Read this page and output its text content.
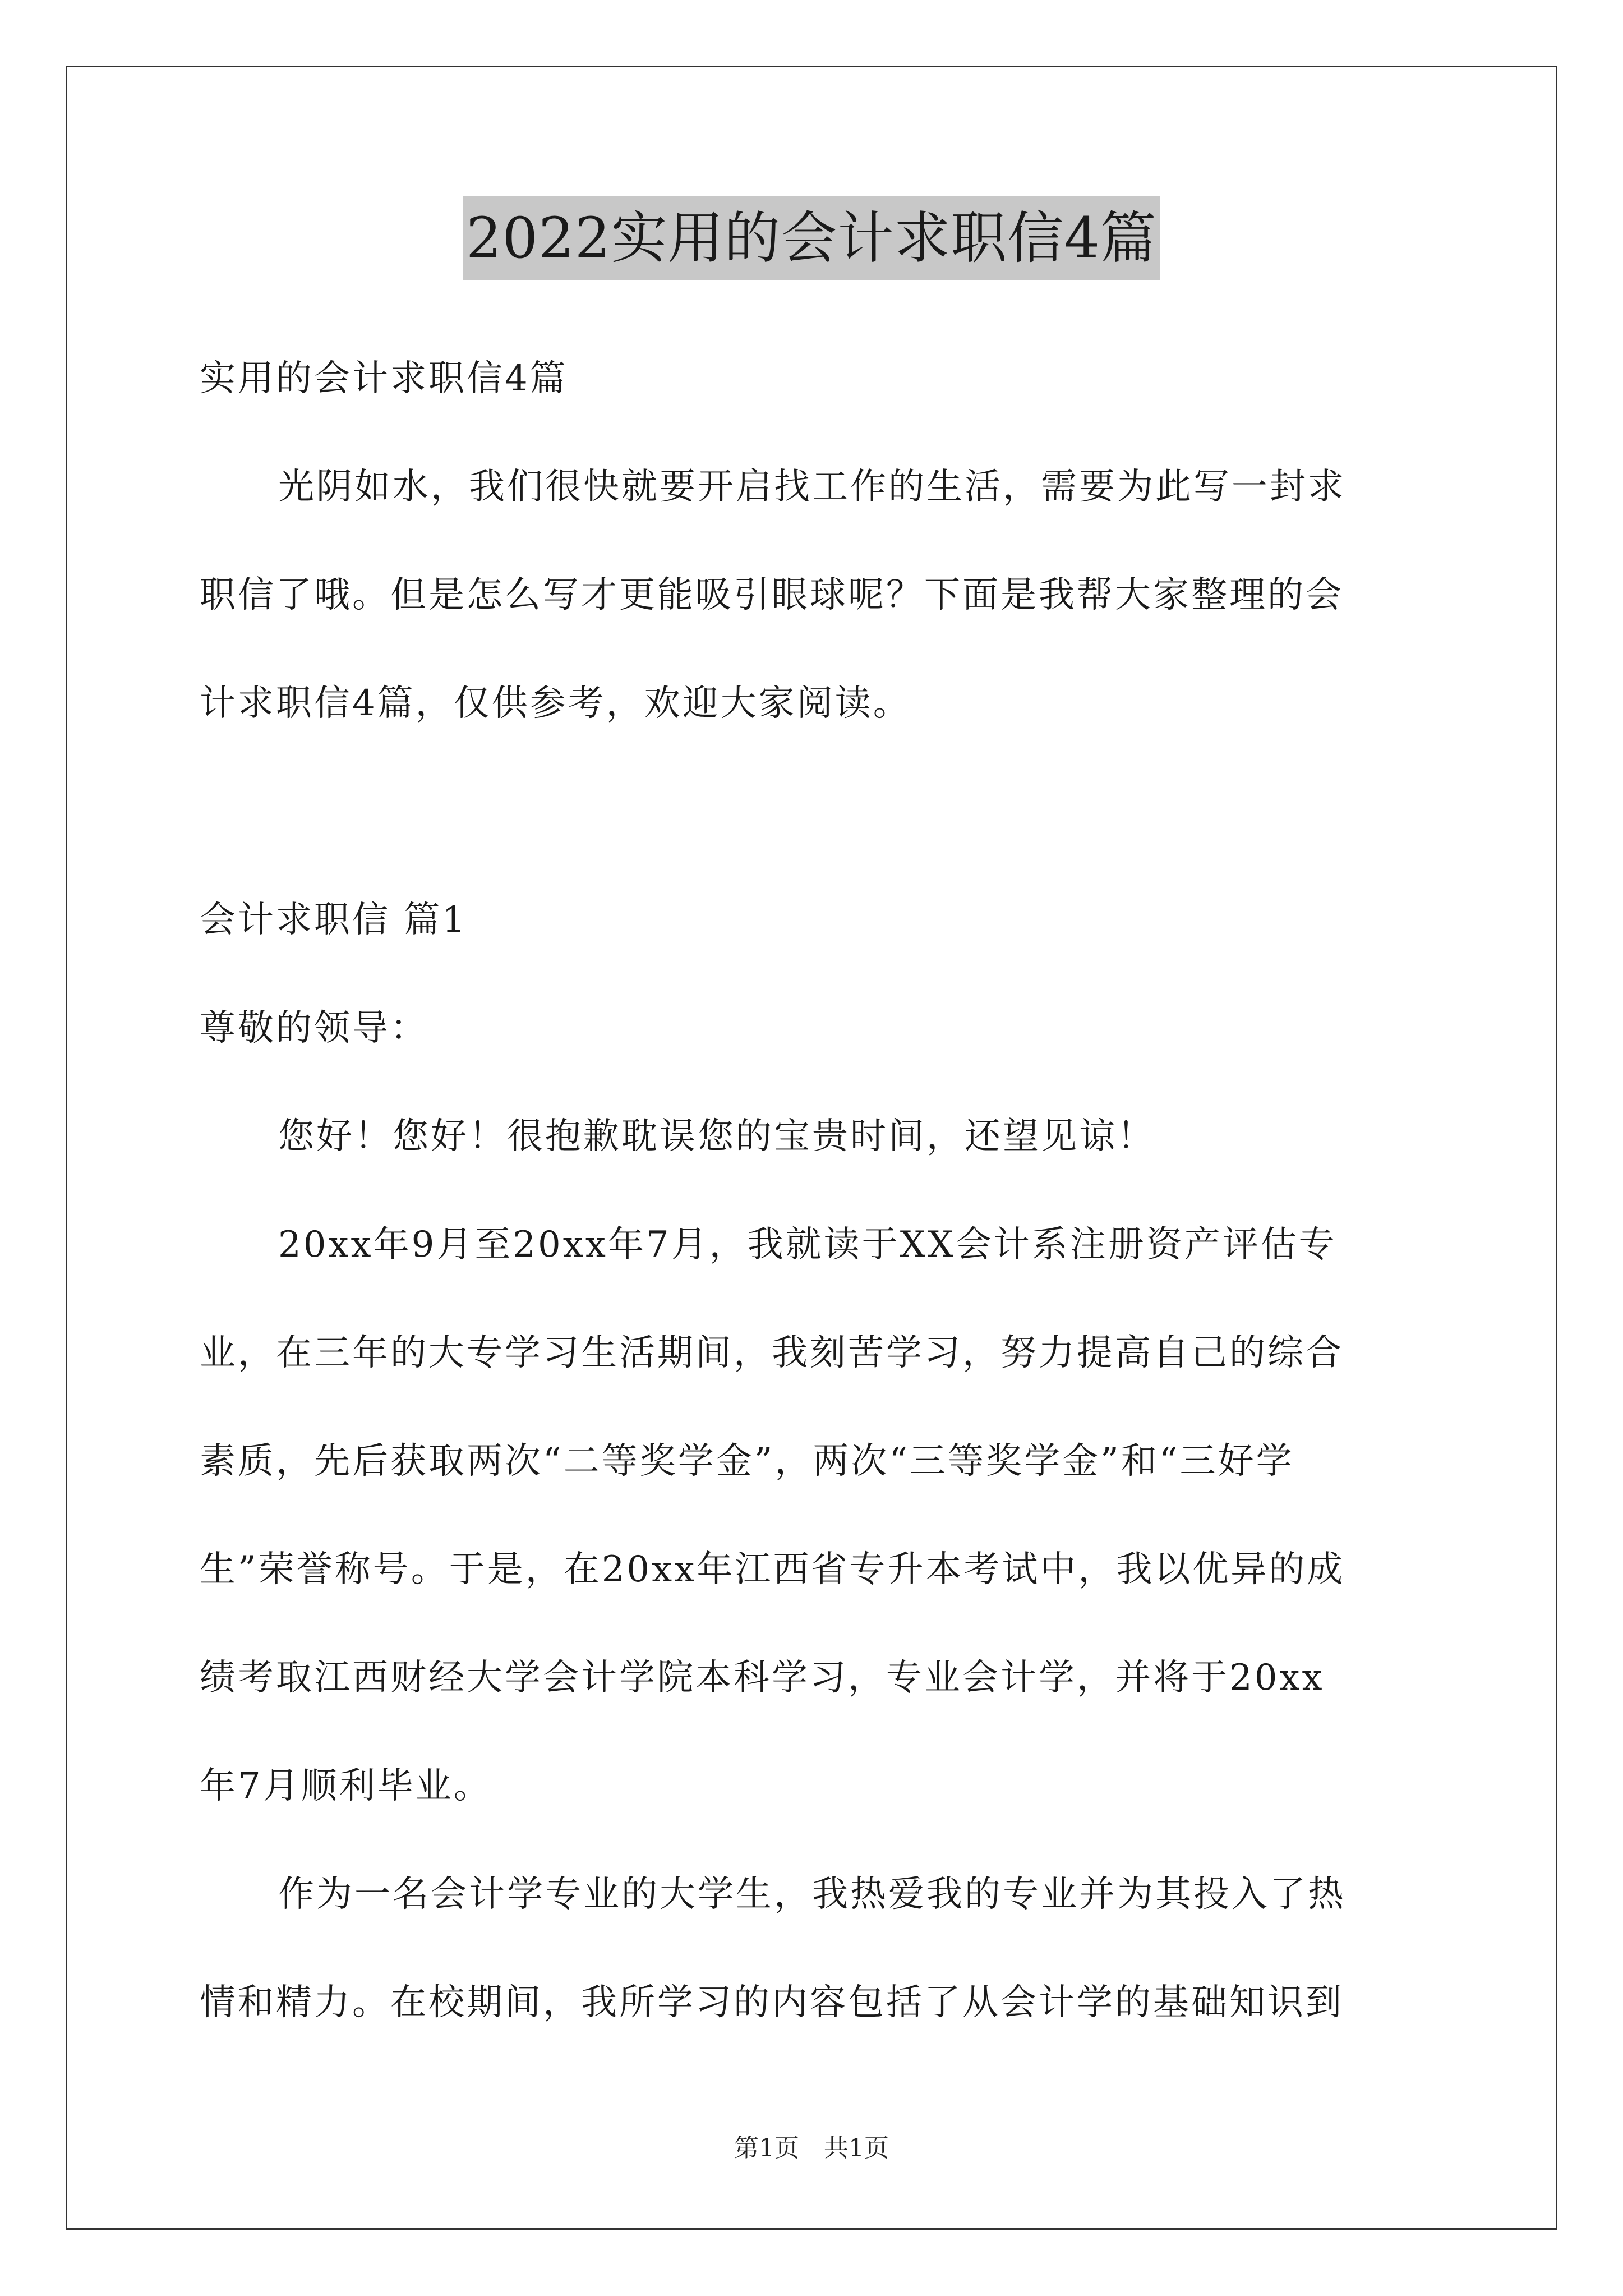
2022实用的会计求职信4篇
实用的会计求职信4篇
光阴如水，我们很快就要开启找工作的生活，需要为此写一封求
职信了哦。但是怎么写才更能吸引眼球呢？下面是我帮大家整理的会
计求职信4篇，仅供参考，欢迎大家阅读。
会计求职信 篇1
尊敬的领导：
您好！您好！很抱歉耽误您的宝贵时间，还望见谅！
20xx年9月至20xx年7月，我就读于XX会计系注册资产评估专
业，在三年的大专学习生活期间，我刻苦学习，努力提高自己的综合
素质，先后获取两次“二等奖学金”，两次“三等奖学金”和“三好学
生”荣誉称号。于是，在20xx年江西省专升本考试中，我以优异的成
绩考取江西财经大学会计学院本科学习，专业会计学，并将于20xx
年7月顺利毕业。
作为一名会计学专业的大学生，我热爱我的专业并为其投入了热
情和精力。在校期间，我所学习的内容包括了从会计学的基础知识到
第1页　共1页
